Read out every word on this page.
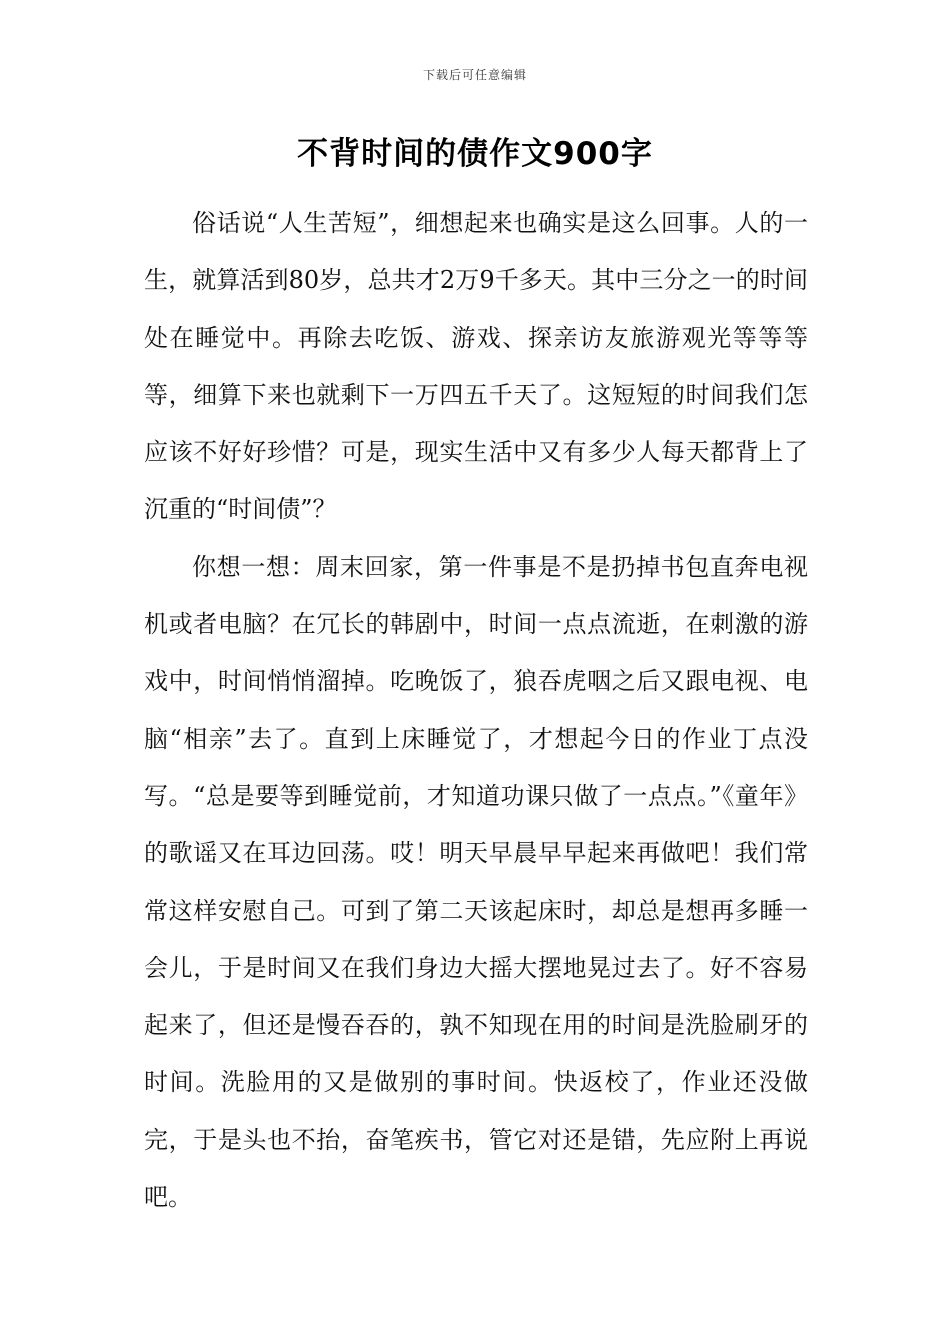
下载后可任意编辑
不背时间的债作文900字

俗话说“人生苦短”，细想起来也确实是这么回事。人的一生，就算活到80岁，总共才2万9千多天。其中三分之一的时间处在睡觉中。再除去吃饭、游戏、探亲访友旅游观光等等等等，细算下来也就剩下一万四五千天了。这短短的时间我们怎应该不好好珍惜？可是，现实生活中又有多少人每天都背上了沉重的“时间债”？

你想一想：周末回家，第一件事是不是扔掉书包直奔电视机或者电脑？在冗长的韩剧中，时间一点点流逝，在刺激的游戏中，时间悄悄溜掉。吃晚饭了，狼吞虎咽之后又跟电视、电脑“相亲”去了。直到上床睡觉了，才想起今日的作业丁点没写。“总是要等到睡觉前，才知道功课只做了一点点。”《童年》的歌谣又在耳边回荡。哎！明天早晨早早起来再做吧！我们常常这样安慰自己。可到了第二天该起床时，却总是想再多睡一会儿，于是时间又在我们身边大摇大摆地晃过去了。好不容易起来了，但还是慢吞吞的，孰不知现在用的时间是洗脸刷牙的时间。洗脸用的又是做别的事时间。快返校了，作业还没做完，于是头也不抬，奋笔疾书，管它对还是错，先应附上再说吧。
